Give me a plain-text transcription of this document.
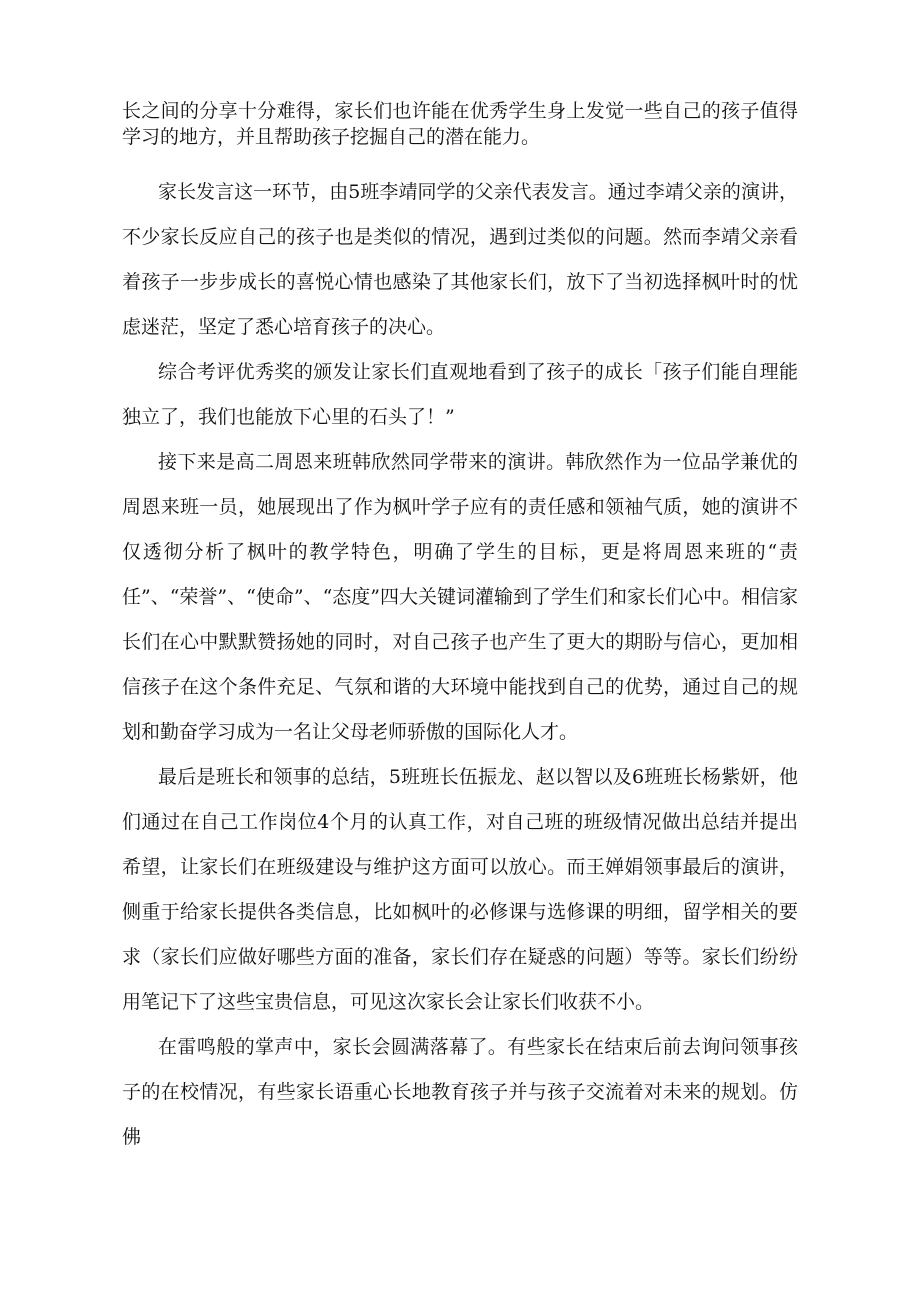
长之间的分享十分难得，家长们也许能在优秀学生身上发觉一些自己的孩子值得学习的地方，并且帮助孩子挖掘自己的潜在能力。

家长发言这一环节，由5班李靖同学的父亲代表发言。通过李靖父亲的演讲，不少家长反应自己的孩子也是类似的情况，遇到过类似的问题。然而李靖父亲看着孩子一步步成长的喜悦心情也感染了其他家长们，放下了当初选择枫叶时的忧虑迷茫，坚定了悉心培育孩子的决心。

综合考评优秀奖的颁发让家长们直观地看到了孩子的成长「孩子们能自理能独立了，我们也能放下心里的石头了！”

接下来是高二周恩来班韩欣然同学带来的演讲。韩欣然作为一位品学兼优的周恩来班一员，她展现出了作为枫叶学子应有的责任感和领袖气质，她的演讲不仅透彻分析了枫叶的教学特色，明确了学生的目标，更是将周恩来班的“责任”、“荣誉”、“使命”、“态度”四大关键词灌输到了学生们和家长们心中。相信家长们在心中默默赞扬她的同时，对自己孩子也产生了更大的期盼与信心，更加相信孩子在这个条件充足、气氛和谐的大环境中能找到自己的优势，通过自己的规划和勤奋学习成为一名让父母老师骄傲的国际化人才。

最后是班长和领事的总结，5班班长伍振龙、赵以智以及6班班长杨紫妍，他们通过在自己工作岗位4个月的认真工作，对自己班的班级情况做出总结并提出希望，让家长们在班级建设与维护这方面可以放心。而王婵娟领事最后的演讲，侧重于给家长提供各类信息，比如枫叶的必修课与选修课的明细，留学相关的要求（家长们应做好哪些方面的准备，家长们存在疑惑的问题）等等。家长们纷纷用笔记下了这些宝贵信息，可见这次家长会让家长们收获不小。

在雷鸣般的掌声中，家长会圆满落幕了。有些家长在结束后前去询问领事孩子的在校情况，有些家长语重心长地教育孩子并与孩子交流着对未来的规划。仿佛
